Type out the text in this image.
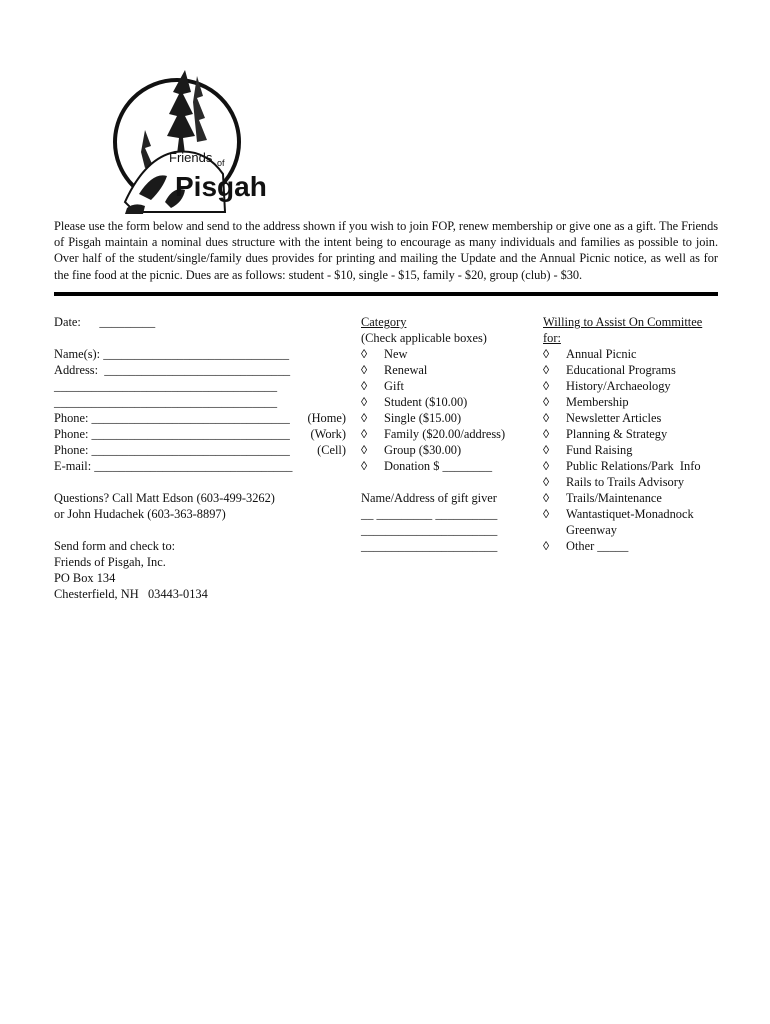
Friends of
Pisgah
Please use the form below and send to the address shown if you wish to join FOP, renew membership or give one as a gift. The Friends of Pisgah maintain a nominal dues structure with the intent being to encourage as many individuals and families as possible to join. Over half of the student/single/family dues provides for printing and mailing the Update and the Annual Picnic notice, as well as for the fine food at the picnic. Dues are as follows: student - $10, single - $15, family - $20, group (club) - $30.
Date:      _________
Name(s): ______________________________
Address:  ______________________________
____________________________________
____________________________________
Phone: ________________________________ (Home)
Phone: ________________________________ (Work)
Phone: ________________________________ (Cell)
E-mail: ________________________________
Questions? Call Matt Edson (603-499-3262)
or John Hudachek (603-363-8897)
Send form and check to:
Friends of Pisgah, Inc.
PO Box 134
Chesterfield, NH   03443-0134
Category
(Check applicable boxes)
◊	New
◊	Renewal
◊	Gift
◊	Student ($10.00)
◊	Single ($15.00)
◊	Family ($20.00/address)
◊	Group ($30.00)
◊	Donation $ ________
Name/Address of gift giver
__ _________ __________
______________________
______________________
Willing to Assist On Committee
for:
◊	Annual Picnic
◊	Educational Programs
◊	History/Archaeology
◊	Membership
◊	Newsletter Articles
◊	Planning & Strategy
◊	Fund Raising
◊	Public Relations/Park  Info
◊	Rails to Trails Advisory
◊	Trails/Maintenance
◊	Wantastiquet-Monadnock
Greenway
◊	Other _____
